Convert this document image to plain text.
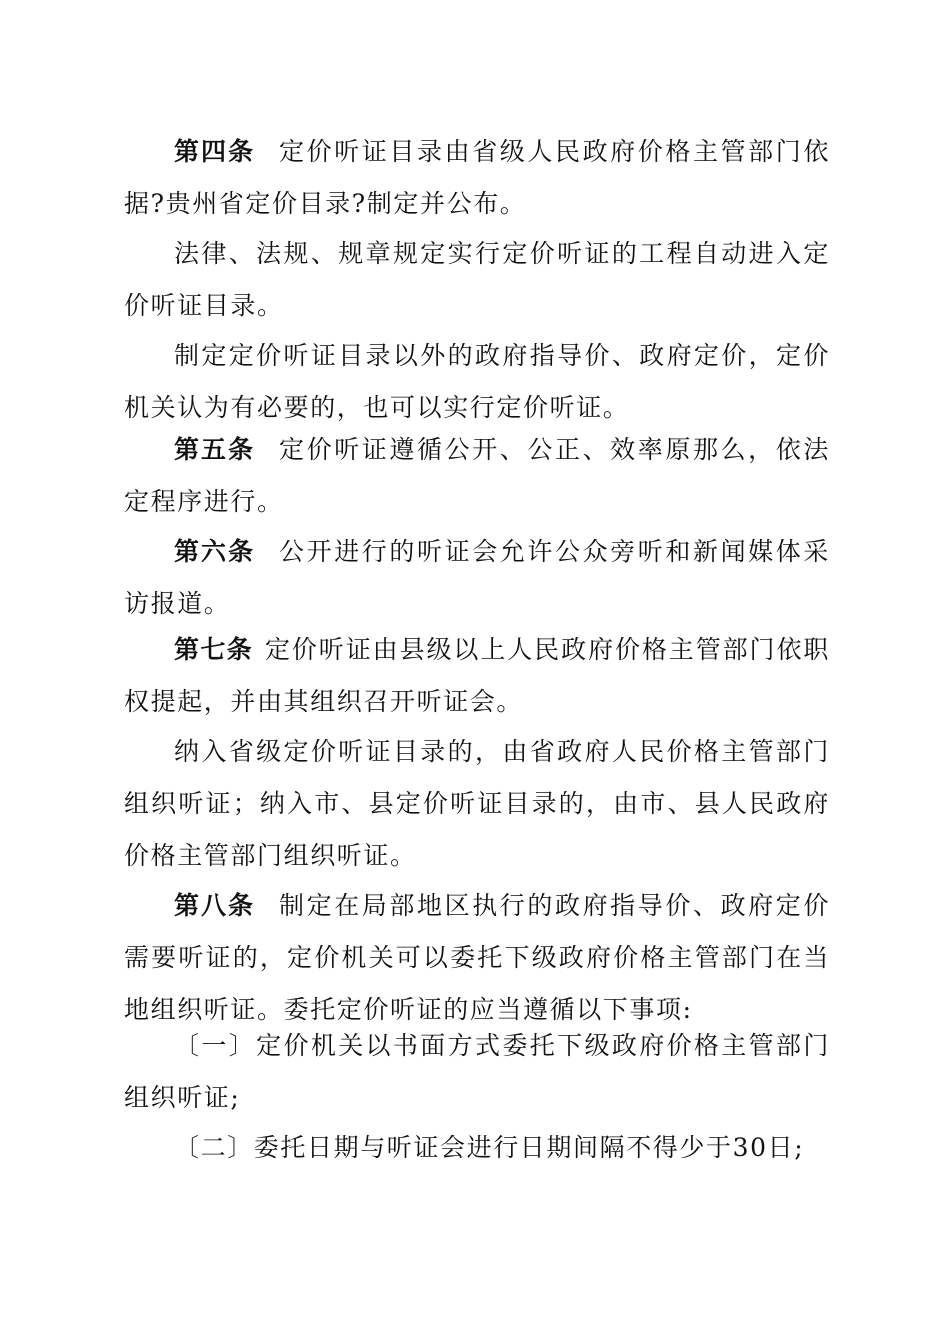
第四条 定价听证目录由省级人民政府价格主管部门依据?贵州省定价目录?制定并公布。

法律、法规、规章规定实行定价听证的工程自动进入定价听证目录。

制定定价听证目录以外的政府指导价、政府定价，定价机关认为有必要的，也可以实行定价听证。

第五条 定价听证遵循公开、公正、效率原那么，依法定程序进行。

第六条 公开进行的听证会允许公众旁听和新闻媒体采访报道。

第七条 定价听证由县级以上人民政府价格主管部门依职权提起，并由其组织召开听证会。

纳入省级定价听证目录的，由省政府人民价格主管部门组织听证；纳入市、县定价听证目录的，由市、县人民政府价格主管部门组织听证。

第八条 制定在局部地区执行的政府指导价、政府定价需要听证的，定价机关可以委托下级政府价格主管部门在当地组织听证。委托定价听证的应当遵循以下事项:

〔一〕定价机关以书面方式委托下级政府价格主管部门组织听证;

〔二〕委托日期与听证会进行日期间隔不得少于30日;
